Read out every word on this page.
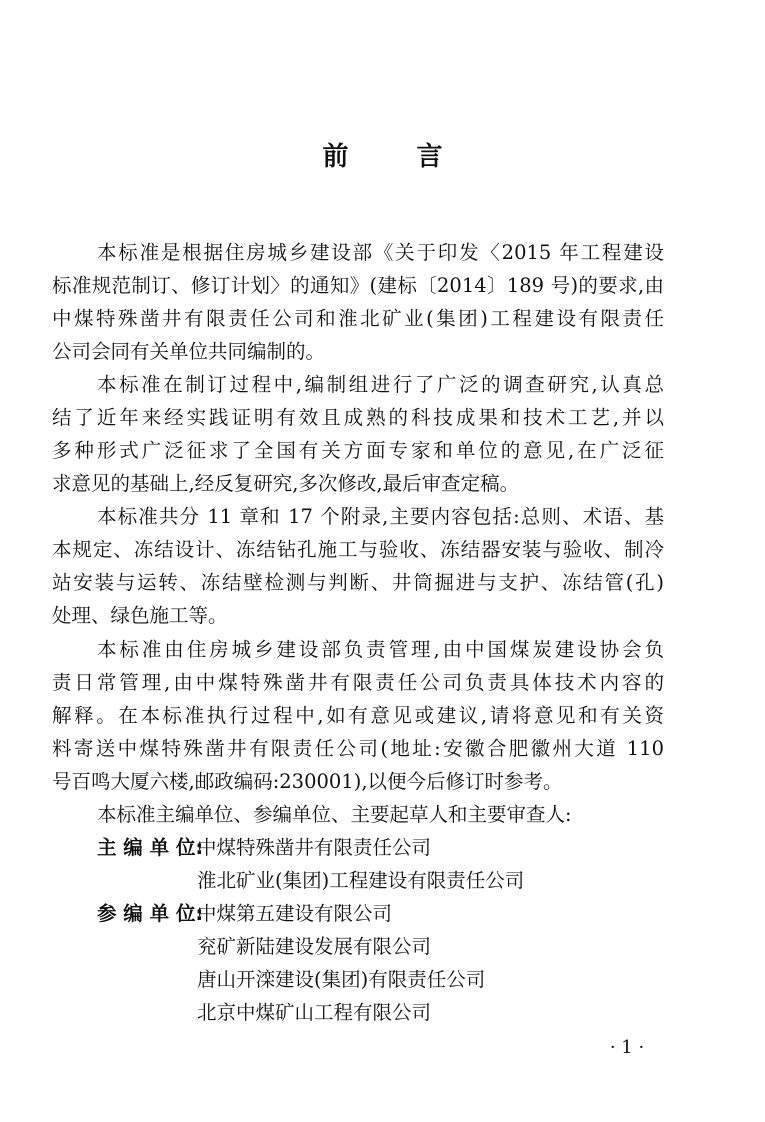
前	言
本标准是根据住房城乡建设部《关于印发〈2015 年工程建设
标准规范制订、修订计划〉的通知》(建标〔2014〕189 号)的要求,由
中煤特殊凿井有限责任公司和淮北矿业(集团)工程建设有限责任
公司会同有关单位共同编制的。
本标准在制订过程中,编制组进行了广泛的调查研究,认真总
结了近年来经实践证明有效且成熟的科技成果和技术工艺,并以
多种形式广泛征求了全国有关方面专家和单位的意见,在广泛征
求意见的基础上,经反复研究,多次修改,最后审查定稿。
本标准共分 11 章和 17 个附录,主要内容包括:总则、术语、基
本规定、冻结设计、冻结钻孔施工与验收、冻结器安装与验收、制冷
站安装与运转、冻结壁检测与判断、井筒掘进与支护、冻结管(孔)
处理、绿色施工等。
本标准由住房城乡建设部负责管理,由中国煤炭建设协会负
责日常管理,由中煤特殊凿井有限责任公司负责具体技术内容的
解释。在本标准执行过程中,如有意见或建议,请将意见和有关资
料寄送中煤特殊凿井有限责任公司(地址:安徽合肥徽州大道 110
号百鸣大厦六楼,邮政编码:230001),以便今后修订时参考。
本标准主编单位、参编单位、主要起草人和主要审查人:
主 编 单 位:中煤特殊凿井有限责任公司
淮北矿业(集团)工程建设有限责任公司
参 编 单 位:中煤第五建设有限公司
兖矿新陆建设发展有限公司
唐山开滦建设(集团)有限责任公司
北京中煤矿山工程有限公司
· 1 ·
